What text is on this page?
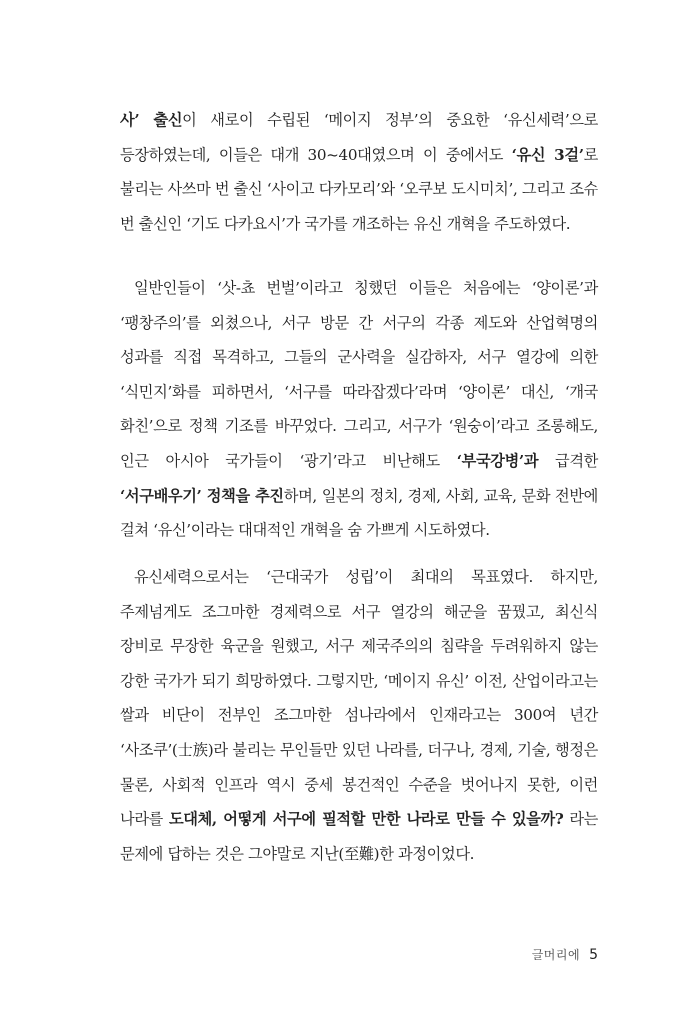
사’ 출신이 새로이 수립된 ‘메이지 정부’의 중요한 ‘유신세력’으로 등장하였는데, 이들은 대개 30~40대였으며 이 중에서도 ‘유신 3걸’로 불리는 사쓰마 번 출신 ‘사이고 다카모리’와 ‘오쿠보 도시미치’, 그리고 조슈 번 출신인 ‘기도 다카요시’가 국가를 개조하는 유신 개혁을 주도하였다.

일반인들이 ‘삿-쵸 번벌’이라고 칭했던 이들은 처음에는 ‘양이론’과 ‘팽창주의’를 외쳤으나, 서구 방문 간 서구의 각종 제도와 산업혁명의 성과를 직접 목격하고, 그들의 군사력을 실감하자, 서구 열강에 의한 ‘식민지’화를 피하면서, ‘서구를 따라잡겠다’라며 ‘양이론’ 대신, ‘개국 화친’으로 정책 기조를 바꾸었다. 그리고, 서구가 ‘원숭이’라고 조롱해도, 인근 아시아 국가들이 ‘광기’라고 비난해도 ‘부국강병’과 급격한 ‘서구배우기’ 정책을 추진하며, 일본의 정치, 경제, 사회, 교육, 문화 전반에 걸쳐 ‘유신’이라는 대대적인 개혁을 숨 가쁘게 시도하였다.

유신세력으로서는 ‘근대국가 성립’이 최대의 목표였다. 하지만, 주제넘게도 조그마한 경제력으로 서구 열강의 해군을 꿈꿨고, 최신식 장비로 무장한 육군을 원했고, 서구 제국주의의 침략을 두려워하지 않는 강한 국가가 되기 희망하였다. 그렇지만, ‘메이지 유신’ 이전, 산업이라고는 쌀과 비단이 전부인 조그마한 섬나라에서 인재라고는 300여 년간 ‘사조쿠’(士族)라 불리는 무인들만 있던 나라를, 더구나, 경제, 기술, 행정은 물론, 사회적 인프라 역시 중세 봉건적인 수준을 벗어나지 못한, 이런 나라를 도대체, 어떻게 서구에 필적할 만한 나라로 만들 수 있을까? 라는 문제에 답하는 것은 그야말로 지난(至難)한 과정이었다.

글머리에 5
